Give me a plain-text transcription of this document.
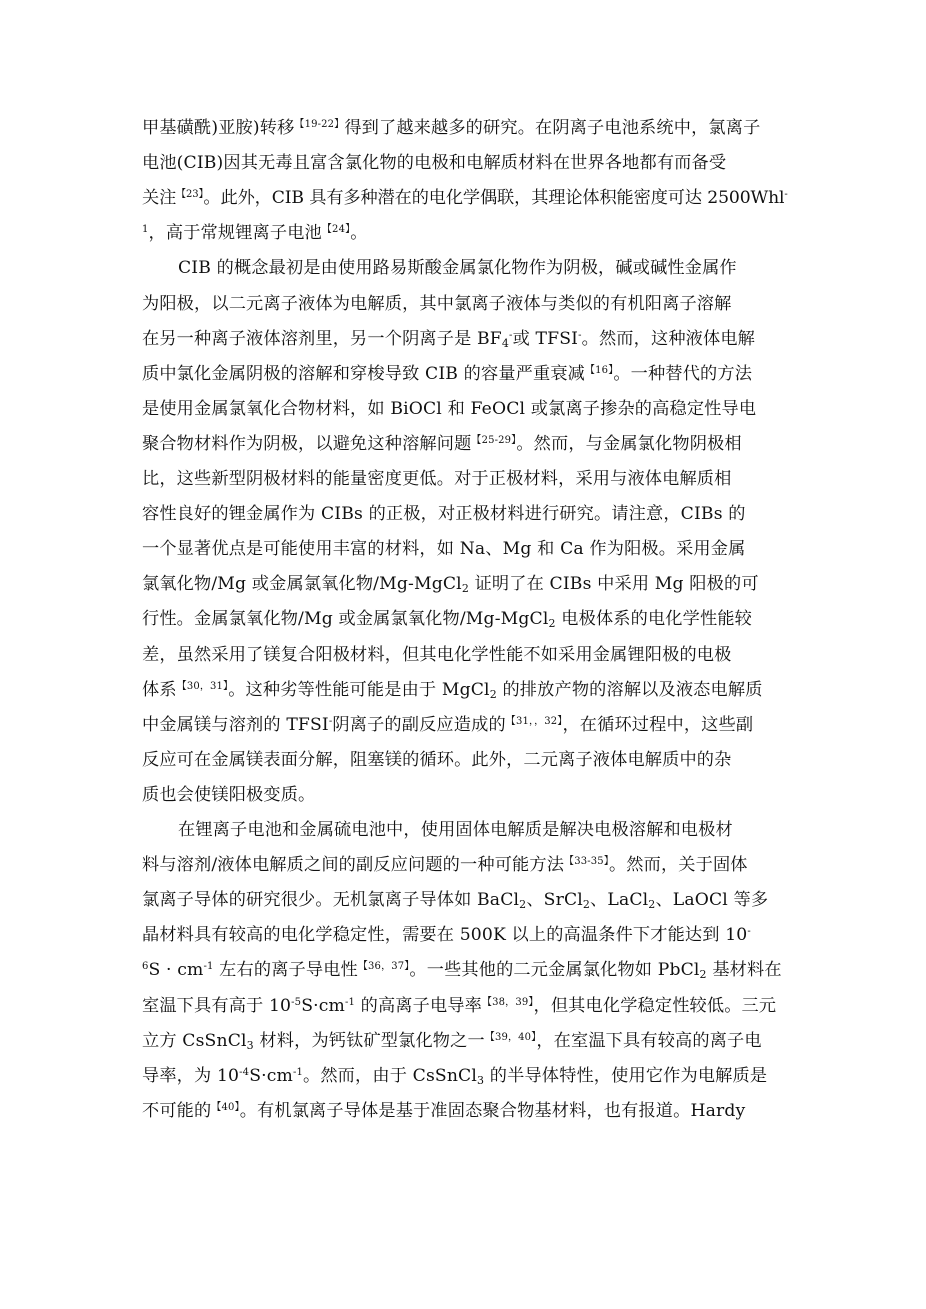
甲基磺酰)亚胺)转移$^{【19-22】}$得到了越来越多的研究。在阴离子电池系统中，氯离子
电池(CIB)因其无毒且富含氯化物的电极和电解质材料在世界各地都有而备受
关注$^{【23】}$。此外，CIB 具有多种潜在的电化学偶联，其理论体积能密度可达 2500Whl-
$^1$，高于常规锂离子电池$^{【24】}$。
CIB 的概念最初是由使用路易斯酸金属氯化物作为阴极，碱或碱性金属作
为阳极，以二元离子液体为电解质，其中氯离子液体与类似的有机阳离子溶解
在另一种离子液体溶剂里，另一个阴离子是 $BF_4^-$或 TFSI-。然而，这种液体电解
质中氯化金属阴极的溶解和穿梭导致 CIB 的容量严重衰减$^{【16】}$。一种替代的方法
是使用金属氯氧化合物材料，如 BiOCl 和 FeOCl 或氯离子掺杂的高稳定性导电
聚合物材料作为阴极，以避免这种溶解问题$^{【25-29】}$。然而，与金属氯化物阴极相
比，这些新型阴极材料的能量密度更低。对于正极材料，采用与液体电解质相
容性良好的锂金属作为 CIBs 的正极，对正极材料进行研究。请注意，CIBs 的
一个显著优点是可能使用丰富的材料，如 Na、Mg 和 Ca 作为阳极。采用金属
氯氧化物/Mg 或金属氯氧化物/Mg-MgCl$_2$ 证明了在 CIBs 中采用 Mg 阳极的可
行性。金属氯氧化物/Mg 或金属氯氧化物/Mg-MgCl$_2$ 电极体系的电化学性能较
差，虽然采用了镁复合阳极材料，但其电化学性能不如采用金属锂阳极的电极
体系$^{【30,31】}$。这种劣等性能可能是由于 MgCl$_2$ 的排放产物的溶解以及液态电解质
中金属镁与溶剂的 TFSI-阴离子的副反应造成的$^{【31,,32】}$，在循环过程中，这些副
反应可在金属镁表面分解，阻塞镁的循环。此外，二元离子液体电解质中的杂
质也会使镁阳极变质。
在锂离子电池和金属硫电池中，使用固体电解质是解决电极溶解和电极材
料与溶剂/液体电解质之间的副反应问题的一种可能方法$^{【33-35】}$。然而，关于固体
氯离子导体的研究很少。无机氯离子导体如 BaCl$_2$、SrCl$_2$、LaCl$_2$、LaOCl 等多
晶材料具有较高的电化学稳定性，需要在 500K 以上的高温条件下才能达到 10-
$^6S \cdot cm^{-1}$ 左右的离子导电性$^{【36,37】}$。一些其他的二元金属氯化物如 PbCl$_2$ 基材料在
室温下具有高于 $10^{-5}S\cdot cm^{-1}$ 的高离子电导率$^{【38,39】}$，但其电化学稳定性较低。三元
立方 CsSnCl$_3$ 材料，为钙钛矿型氯化物之一$^{【39,40】}$，在室温下具有较高的离子电
导率，为 $10^{-4}S\cdot cm^{-1}$。然而，由于 CsSnCl$_3$ 的半导体特性，使用它作为电解质是
不可能的$^{【40】}$。有机氯离子导体是基于准固态聚合物基材料，也有报道。Hardy
